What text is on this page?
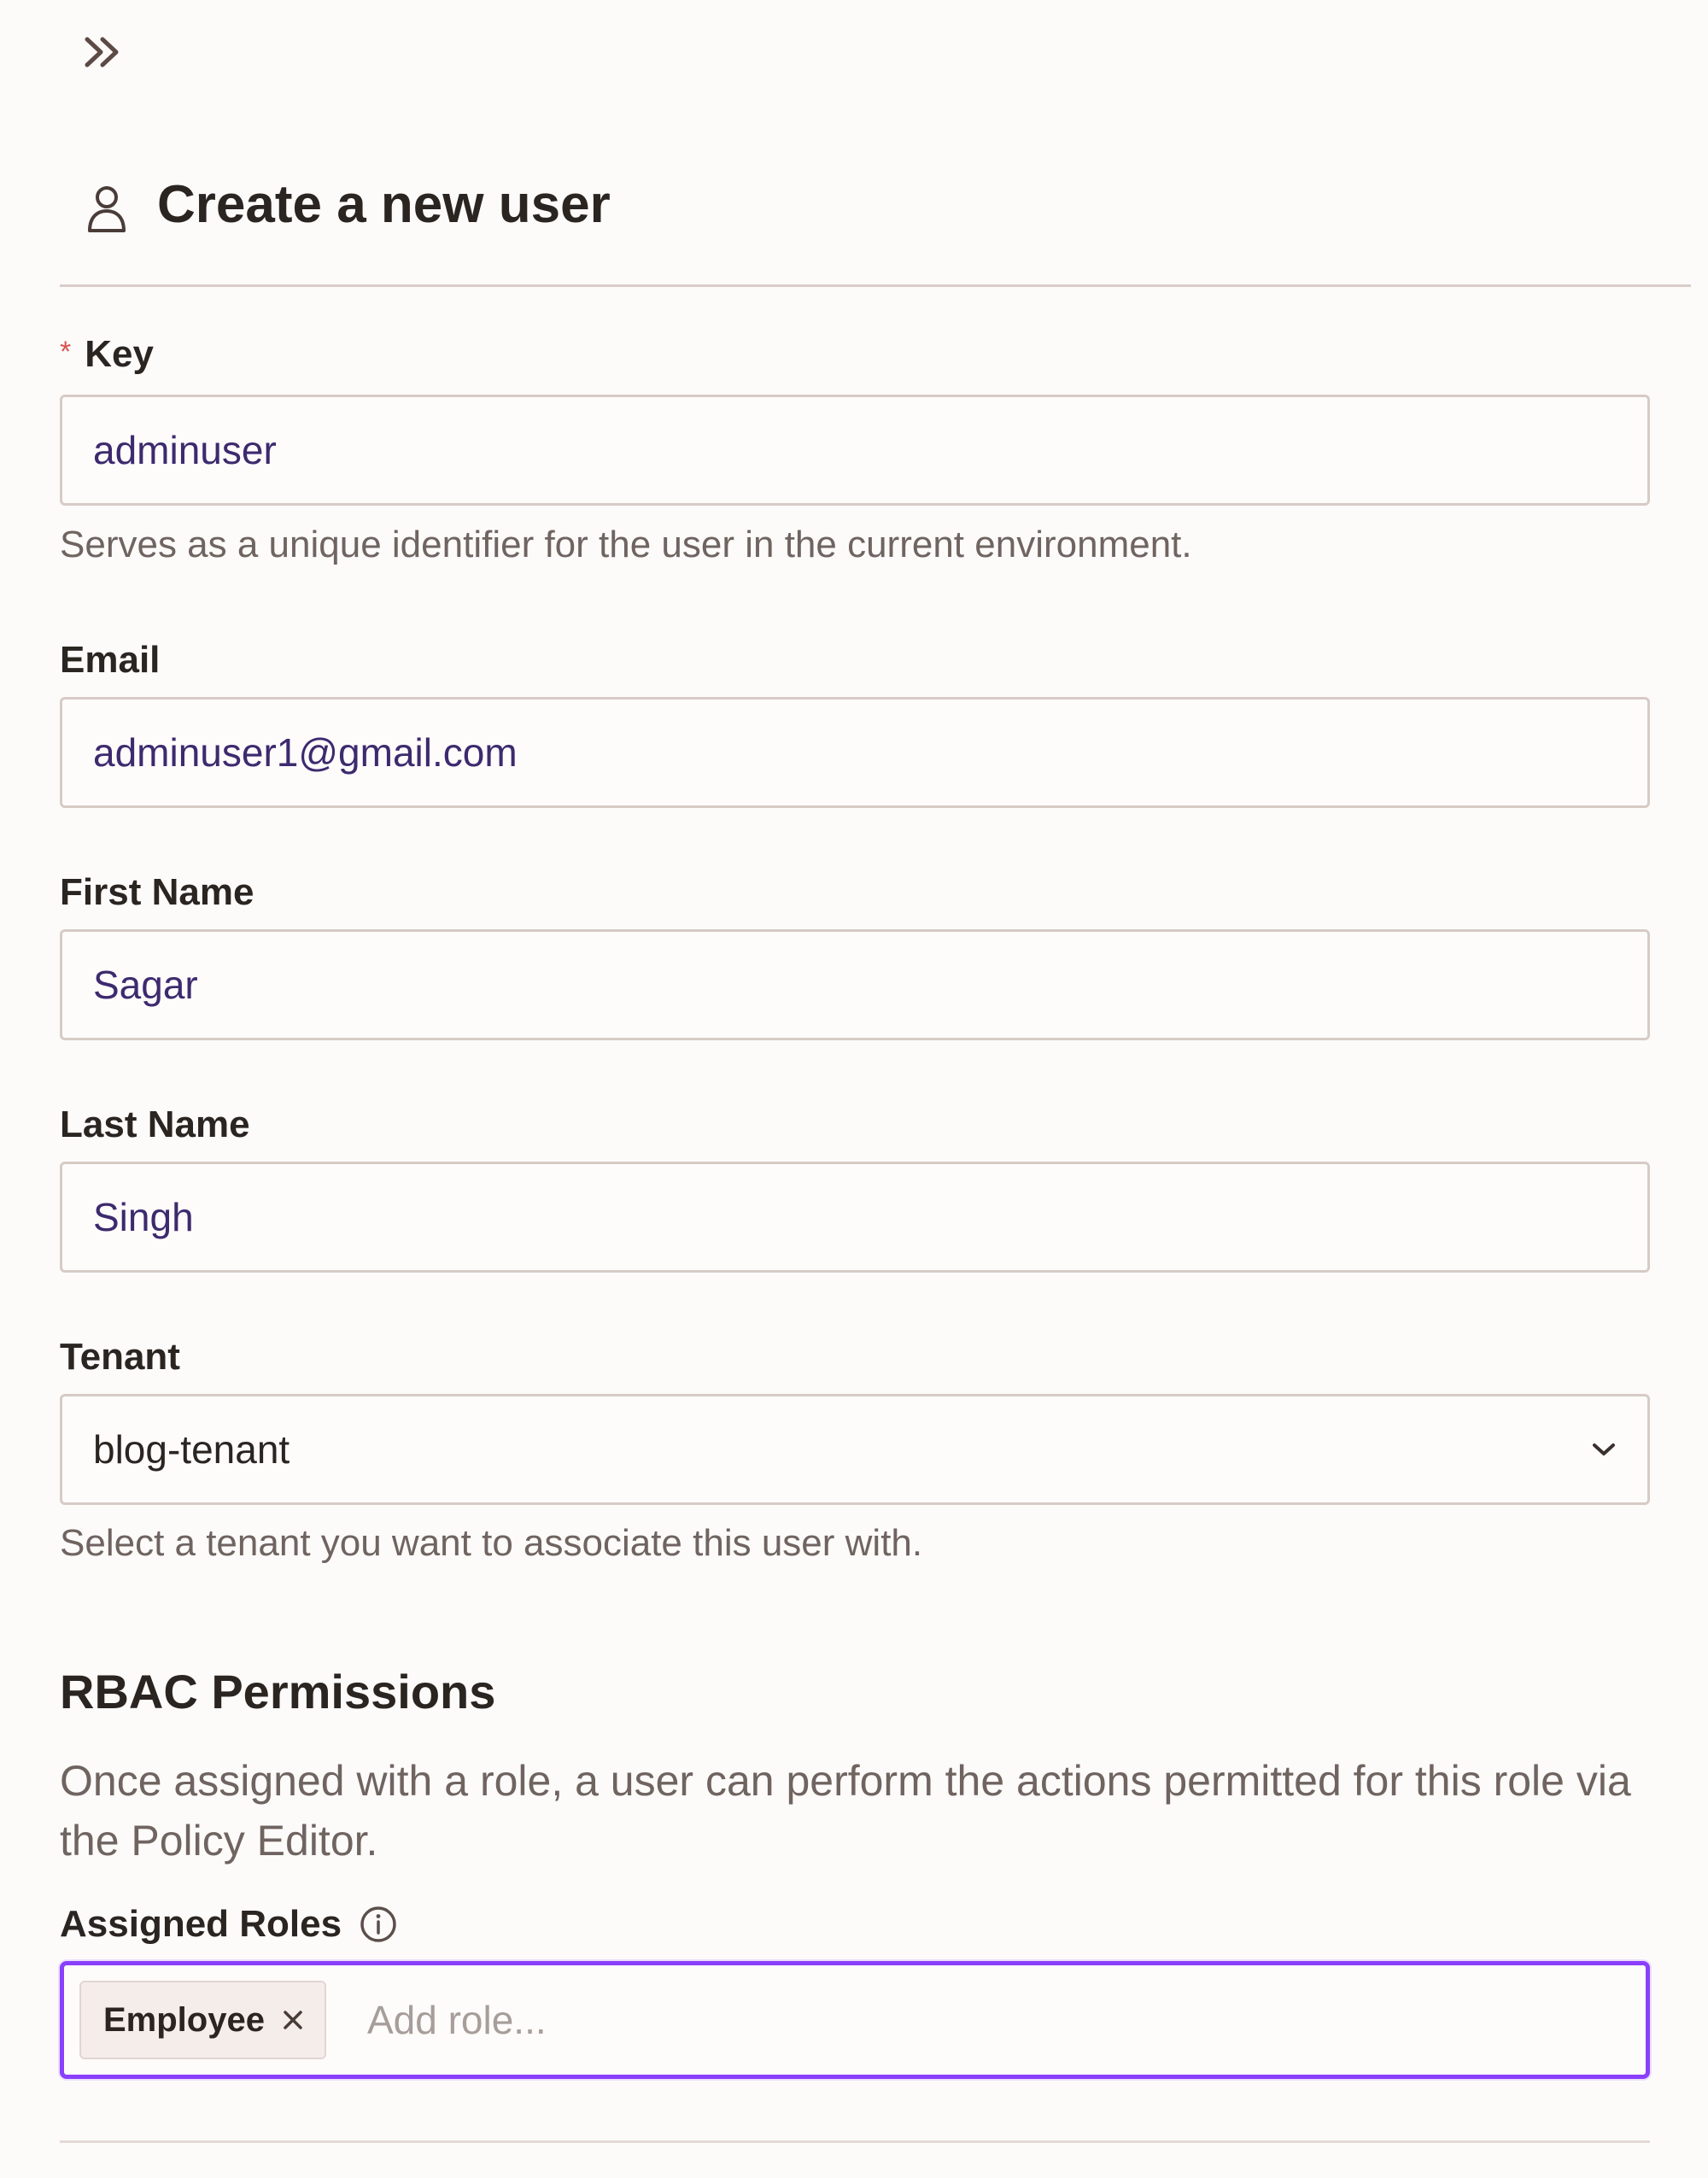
Create a new user
* Key
adminuser
Serves as a unique identifier for the user in the current environment.
Email
adminuser1@gmail.com
First Name
Sagar
Last Name
Singh
Tenant
blog-tenant
Select a tenant you want to associate this user with.
RBAC Permissions
Once assigned with a role, a user can perform the actions permitted for this role via the Policy Editor.
Assigned Roles
Employee
Add role...
